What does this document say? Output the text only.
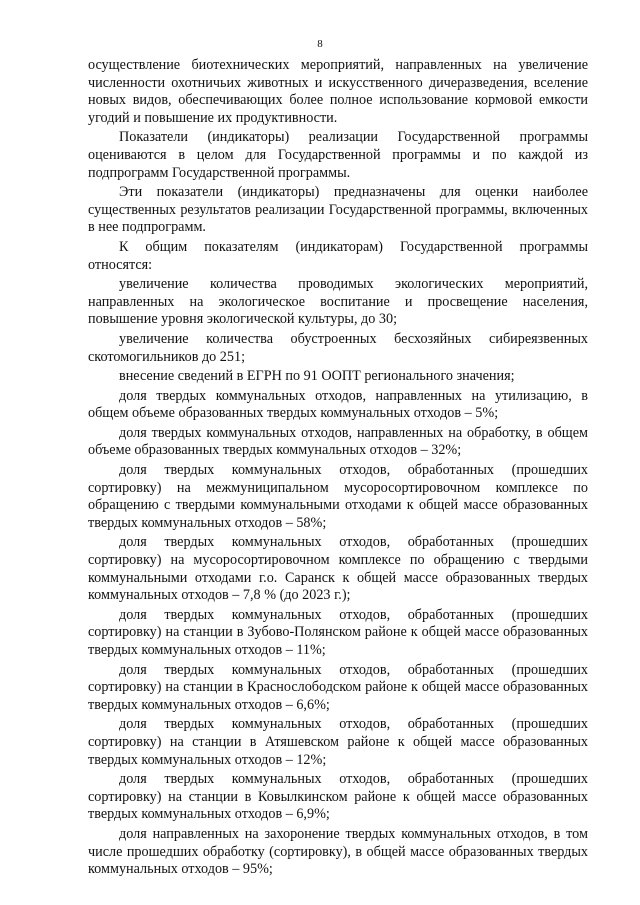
8

осуществление биотехнических мероприятий, направленных на увеличение численности охотничьих животных и искусственного дичеразведения, вселение новых видов, обеспечивающих более полное использование кормовой емкости угодий и повышение их продуктивности.

Показатели (индикаторы) реализации Государственной программы оцениваются в целом для Государственной программы и по каждой из подпрограмм Государственной программы.

Эти показатели (индикаторы) предназначены для оценки наиболее существенных результатов реализации Государственной программы, включенных в нее подпрограмм.

К общим показателям (индикаторам) Государственной программы относятся:

увеличение количества проводимых экологических мероприятий, направленных на экологическое воспитание и просвещение населения, повышение уровня экологической культуры, до 30;

увеличение количества обустроенных бесхозяйных сибиреязвенных скотомогильников до 251;

внесение сведений в ЕГРН по 91 ООПТ регионального значения;

доля твердых коммунальных отходов, направленных на утилизацию, в общем объеме образованных твердых коммунальных отходов – 5%;

доля твердых коммунальных отходов, направленных на обработку, в общем объеме образованных твердых коммунальных отходов – 32%;

доля твердых коммунальных отходов, обработанных (прошедших сортировку) на межмуниципальном мусоросортировочном комплексе по обращению с твердыми коммунальными отходами к общей массе образованных твердых коммунальных отходов – 58%;

доля твердых коммунальных отходов, обработанных (прошедших сортировку) на мусоросортировочном комплексе по обращению с твердыми коммунальными отходами г.о. Саранск к общей массе образованных твердых коммунальных отходов – 7,8 % (до 2023 г.);

доля твердых коммунальных отходов, обработанных (прошедших сортировку) на станции в Зубово-Полянском районе к общей массе образованных твердых коммунальных отходов – 11%;

доля твердых коммунальных отходов, обработанных (прошедших сортировку) на станции в Краснослободском районе к общей массе образованных твердых коммунальных отходов – 6,6%;

доля твердых коммунальных отходов, обработанных (прошедших сортировку) на станции в Атяшевском районе к общей массе образованных твердых коммунальных отходов – 12%;

доля твердых коммунальных отходов, обработанных (прошедших сортировку) на станции в Ковылкинском районе к общей массе образованных твердых коммунальных отходов – 6,9%;

доля направленных на захоронение твердых коммунальных отходов, в том числе прошедших обработку (сортировку), в общей массе образованных твердых коммунальных отходов – 95%;
